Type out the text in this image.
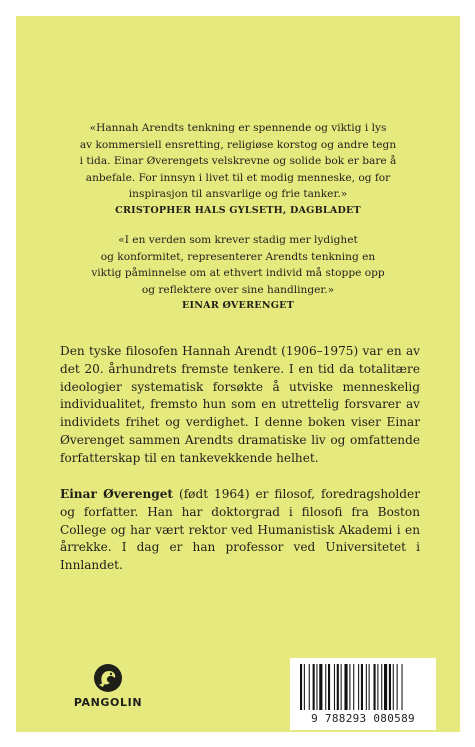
«Hannah Arendts tenkning er spennende og viktig i lys
av kommersiell ensretting, religiøse korstog og andre tegn
i tida. Einar Øverengets velskrevne og solide bok er bare å
anbefale. For innsyn i livet til et modig menneske, og for
inspirasjon til ansvarlige og frie tanker.»
CRISTOPHER HALS GYLSETH, DAGBLADET
«I en verden som krever stadig mer lydighet
og konformitet, representerer Arendts tenkning en
viktig påminnelse om at ethvert individ må stoppe opp
og reflektere over sine handlinger.»
EINAR ØVERENGET

Den tyske filosofen Hannah Arendt (1906–1975) var en av det 20. århundrets fremste tenkere. I en tid da totalitære ideologier systematisk forsøkte å utviske menneskelig individualitet, fremsto hun som en utrettelig forsvarer av individets frihet og verdighet. I denne boken viser Einar Øverenget sammen Arendts dramatiske liv og omfattende forfatterskap til en tankevekkende helhet.

Einar Øverenget (født 1964) er filosof, foredragsholder og forfatter. Han har doktorgrad i filosofi fra Boston College og har vært rektor ved Humanistisk Akademi i en årrekke. I dag er han professor ved Universitetet i Innlandet.

PANGOLIN
9 788293 080589
